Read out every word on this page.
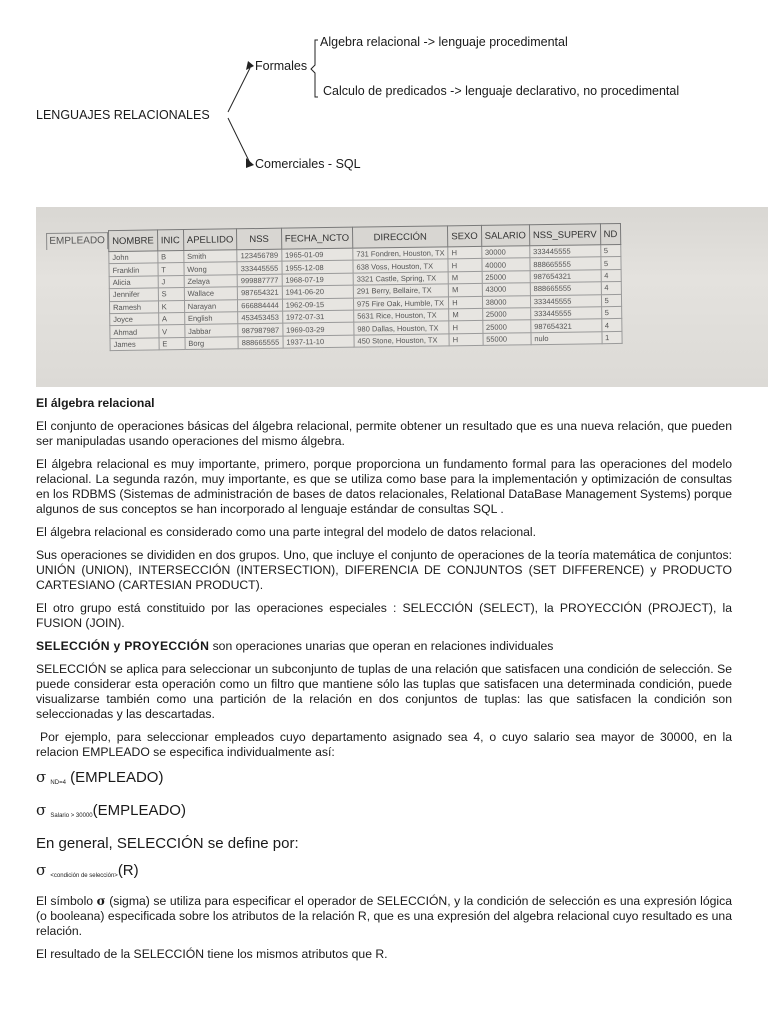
Algebra relacional -> lenguaje procedimental
Formales
Calculo de predicados -> lenguaje declarativo, no procedimental
LENGUAJES RELACIONALES
Comerciales - SQL
EMPLEADO NOMBRE	INIC	APELLIDO	NSS	FECHA_NCTO	DIRECCIÓN	SEXO	SALARIO	NSS_SUPERV	ND
John	B	Smith	123456789	1965-01-09	731 Fondren, Houston, TX	H	30000	333445555	5
Franklin	T	Wong	333445555	1955-12-08	638 Voss, Houston, TX	H	40000	888665555	5
Alicia	J	Zelaya	999887777	1968-07-19	3321 Castle, Spring, TX	M	25000	987654321	4
Jennifer	S	Wallace	987654321	1941-06-20	291 Berry, Bellaire, TX	M	43000	888665555	4
Ramesh	K	Narayan	666884444	1962-09-15	975 Fire Oak, Humble, TX	H	38000	333445555	5
Joyce	A	English	453453453	1972-07-31	5631 Rice, Houston, TX	M	25000	333445555	5
Ahmad	V	Jabbar	987987987	1969-03-29	980 Dallas, Houston, TX	H	25000	987654321	4
James	E	Borg	888665555	1937-11-10	450 Stone, Houston, TX	H	55000	nulo	1

El álgebra relacional

El conjunto de operaciones básicas del álgebra relacional, permite obtener un resultado que es una nueva relación, que pueden ser manipuladas usando operaciones del mismo álgebra.

El álgebra relacional es muy importante, primero, porque proporciona un fundamento formal para las operaciones del modelo relacional. La segunda razón, muy importante, es que se utiliza como base para la implementación y optimización de consultas en los RDBMS (Sistemas de administración de bases de datos relacionales, Relational DataBase Management Systems) porque algunos de sus conceptos se han incorporado al lenguaje estándar de consultas SQL .

El álgebra relacional es considerado como una parte integral del modelo de datos relacional.

Sus operaciones se divididen en dos grupos. Uno, que incluye el conjunto de operaciones de la teoría matemática de conjuntos: UNIÓN (UNION), INTERSECCIÓN (INTERSECTION), DIFERENCIA DE CONJUNTOS (SET DIFFERENCE) y PRODUCTO CARTESIANO (CARTESIAN PRODUCT).

El otro grupo está constituido por las operaciones especiales : SELECCIÓN (SELECT), la PROYECCIÓN (PROJECT), la FUSION (JOIN).

SELECCIÓN y PROYECCIÓN son operaciones unarias que operan en relaciones individuales

SELECCIÓN se aplica para seleccionar un subconjunto de tuplas de una relación que satisfacen una condición de selección. Se puede considerar esta operación como un filtro que mantiene sólo las tuplas que satisfacen una determinada condición, puede visualizarse también como una partición de la relación en dos conjuntos de tuplas: las que satisfacen la condición son seleccionadas y las descartadas.

Por ejemplo, para seleccionar empleados cuyo departamento asignado sea 4, o cuyo salario sea mayor de 30000, en la relacion EMPLEADO se especifica individualmente así:

σ $_{ND=4}$ (EMPLEADO)

σ $_{Salario > 30000}$(EMPLEADO)

En general, SELECCIÓN se define por:

σ $_{<condición de selección>}$(R)

El símbolo σ (sigma) se utiliza para especificar el operador de SELECCIÓN, y la condición de selección es una expresión lógica (o booleana) especificada sobre los atributos de la relación R, que es una expresión del algebra relacional cuyo resultado es una relación.

El resultado de la SELECCIÓN tiene los mismos atributos que R.
